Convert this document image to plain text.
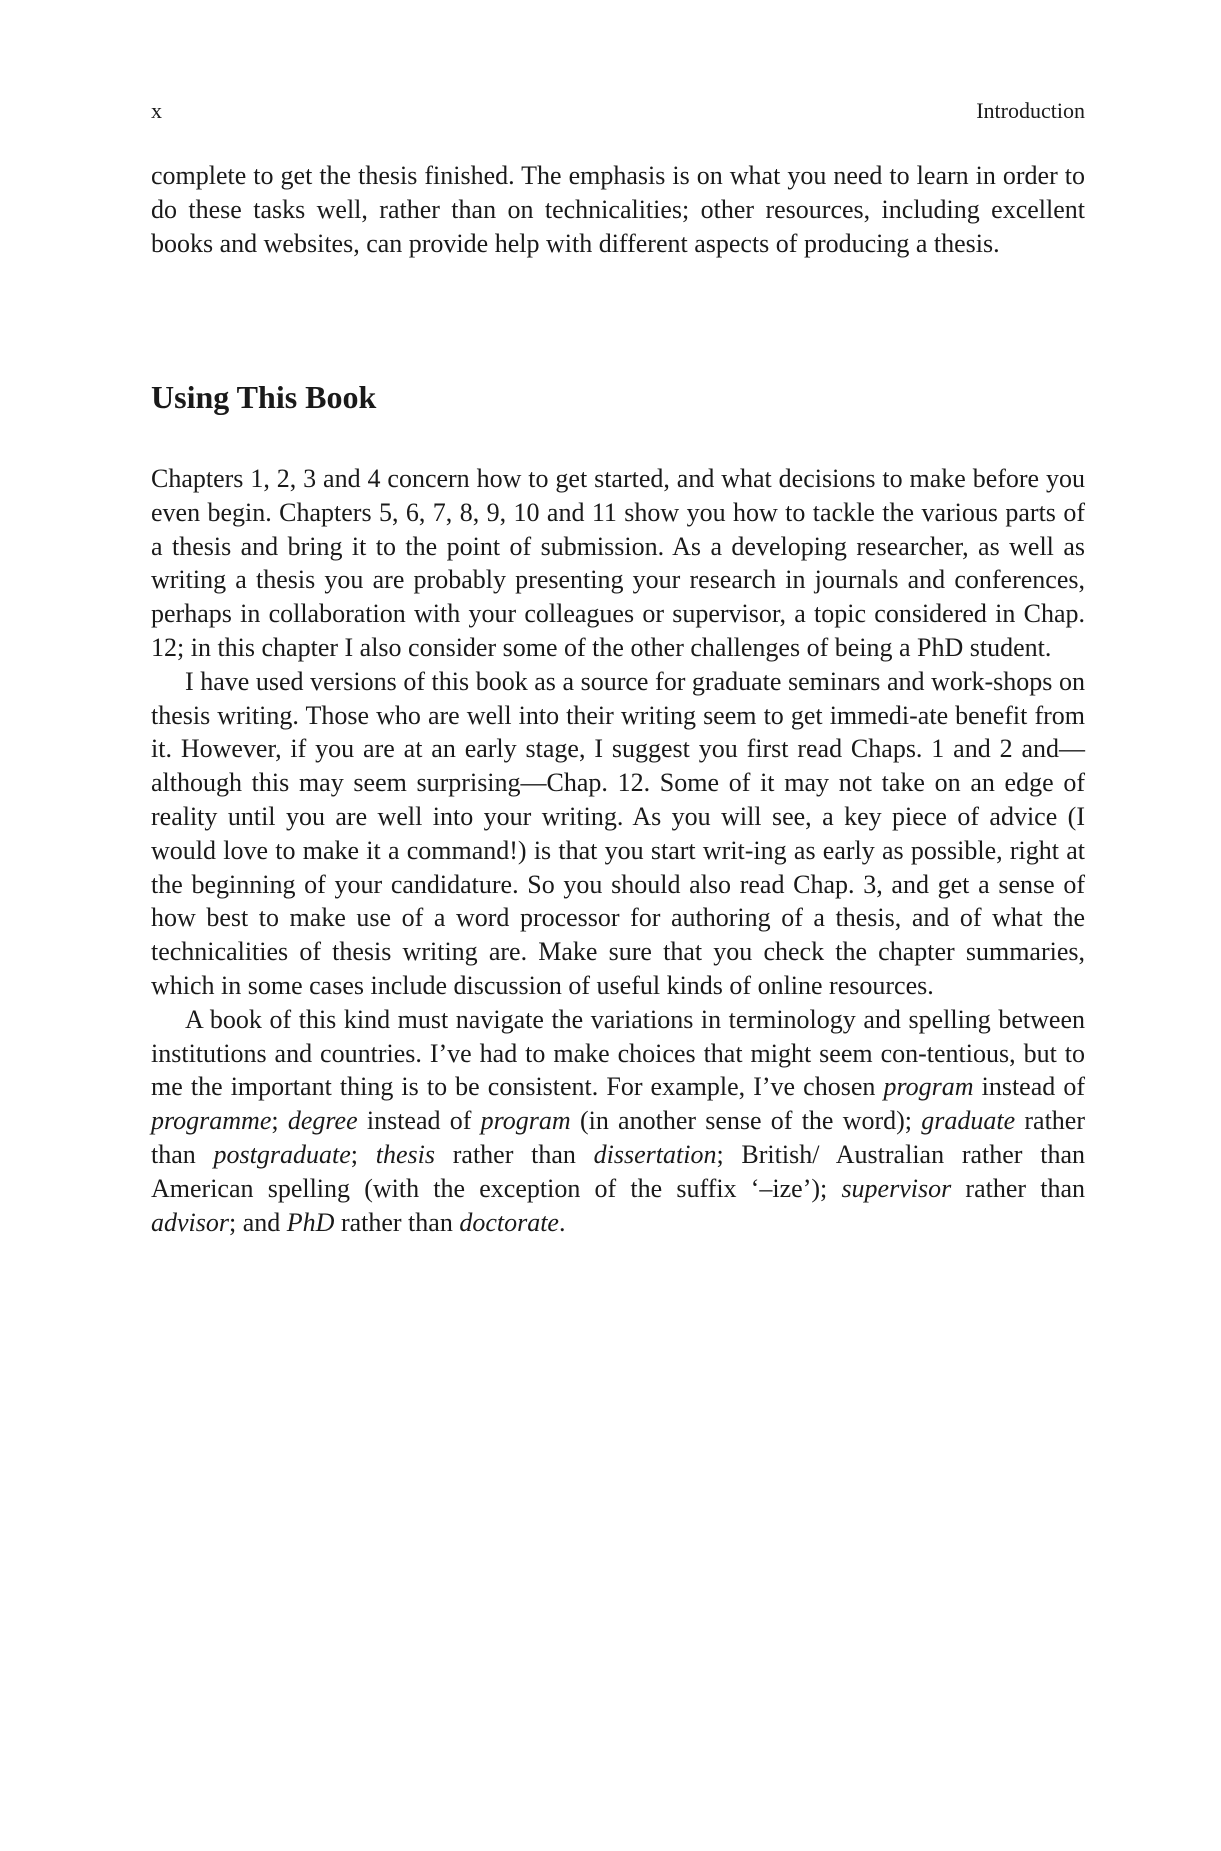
x	Introduction

complete to get the thesis finished. The emphasis is on what you need to learn in order to do these tasks well, rather than on technicalities; other resources, including excellent books and websites, can provide help with different aspects of producing a thesis.

Using This Book

Chapters 1, 2, 3 and 4 concern how to get started, and what decisions to make before you even begin. Chapters 5, 6, 7, 8, 9, 10 and 11 show you how to tackle the various parts of a thesis and bring it to the point of submission. As a developing researcher, as well as writing a thesis you are probably presenting your research in journals and conferences, perhaps in collaboration with your colleagues or supervisor, a topic considered in Chap. 12; in this chapter I also consider some of the other challenges of being a PhD student.

I have used versions of this book as a source for graduate seminars and work-shops on thesis writing. Those who are well into their writing seem to get immedi-ate benefit from it. However, if you are at an early stage, I suggest you first read Chaps. 1 and 2 and—although this may seem surprising—Chap. 12. Some of it may not take on an edge of reality until you are well into your writing. As you will see, a key piece of advice (I would love to make it a command!) is that you start writ-ing as early as possible, right at the beginning of your candidature. So you should also read Chap. 3, and get a sense of how best to make use of a word processor for authoring of a thesis, and of what the technicalities of thesis writing are. Make sure that you check the chapter summaries, which in some cases include discussion of useful kinds of online resources.

A book of this kind must navigate the variations in terminology and spelling between institutions and countries. I’ve had to make choices that might seem con-tentious, but to me the important thing is to be consistent. For example, I’ve chosen program instead of programme; degree instead of program (in another sense of the word); graduate rather than postgraduate; thesis rather than dissertation; British/ Australian rather than American spelling (with the exception of the suffix ‘–ize’); supervisor rather than advisor; and PhD rather than doctorate.
